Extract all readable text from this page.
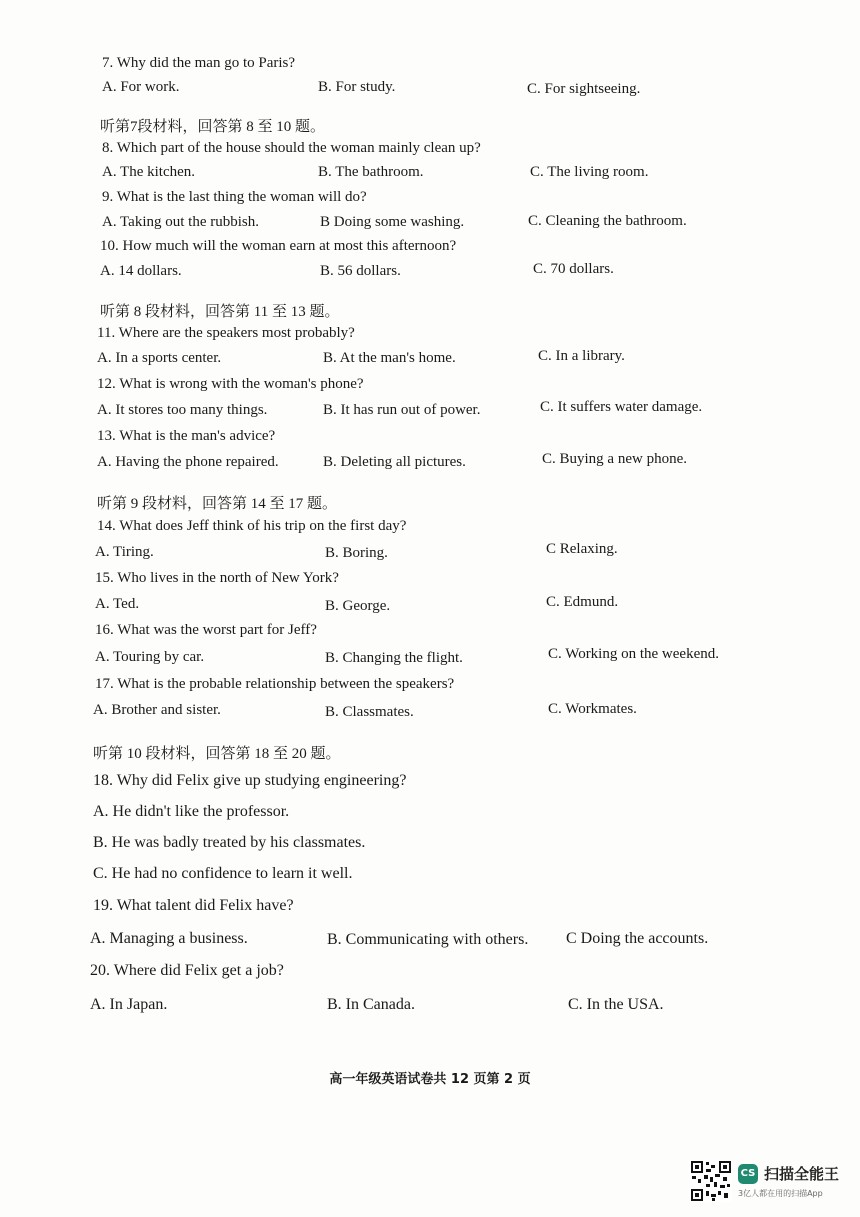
7. Why did the man go to Paris?
A. For work.	B. For study.	C. For sightseeing.
听第7段材料，回答第 8 至 10 题。
8. Which part of the house should the woman mainly clean up?
A. The kitchen.	B. The bathroom.	C. The living room.
9. What is the last thing the woman will do?
A. Taking out the rubbish.	B Doing some washing.	C. Cleaning the bathroom.
10. How much will the woman earn at most this afternoon?
A. 14 dollars.	B. 56 dollars.	C. 70 dollars.
听第 8 段材料，回答第 11 至 13 题。
11. Where are the speakers most probably?
A. In a sports center.	B. At the man's home.	C. In a library.
12. What is wrong with the woman's phone?
A. It stores too many things.	B. It has run out of power.	C. It suffers water damage.
13. What is the man's advice?
A. Having the phone repaired.	B. Deleting all pictures.	C. Buying a new phone.
听第 9 段材料，回答第 14 至 17 题。
14. What does Jeff think of his trip on the first day?
A. Tiring.	B. Boring.	C Relaxing.
15. Who lives in the north of New York?
A. Ted.	B. George.	C. Edmund.
16. What was the worst part for Jeff?
A. Touring by car.	B. Changing the flight.	C. Working on the weekend.
17. What is the probable relationship between the speakers?
A. Brother and sister.	B. Classmates.	C. Workmates.
听第 10 段材料，回答第 18 至 20 题。
18. Why did Felix give up studying engineering?
A. He didn't like the professor.
B. He was badly treated by his classmates.
C. He had no confidence to learn it well.
19. What talent did Felix have?
A. Managing a business.	B. Communicating with others. C Doing the accounts.
20. Where did Felix get a job?
A. In Japan.	B. In Canada.	C. In the USA.
高一年级英语试卷共 12 页第 2 页
CS 扫描全能王
3亿人都在用的扫描App
